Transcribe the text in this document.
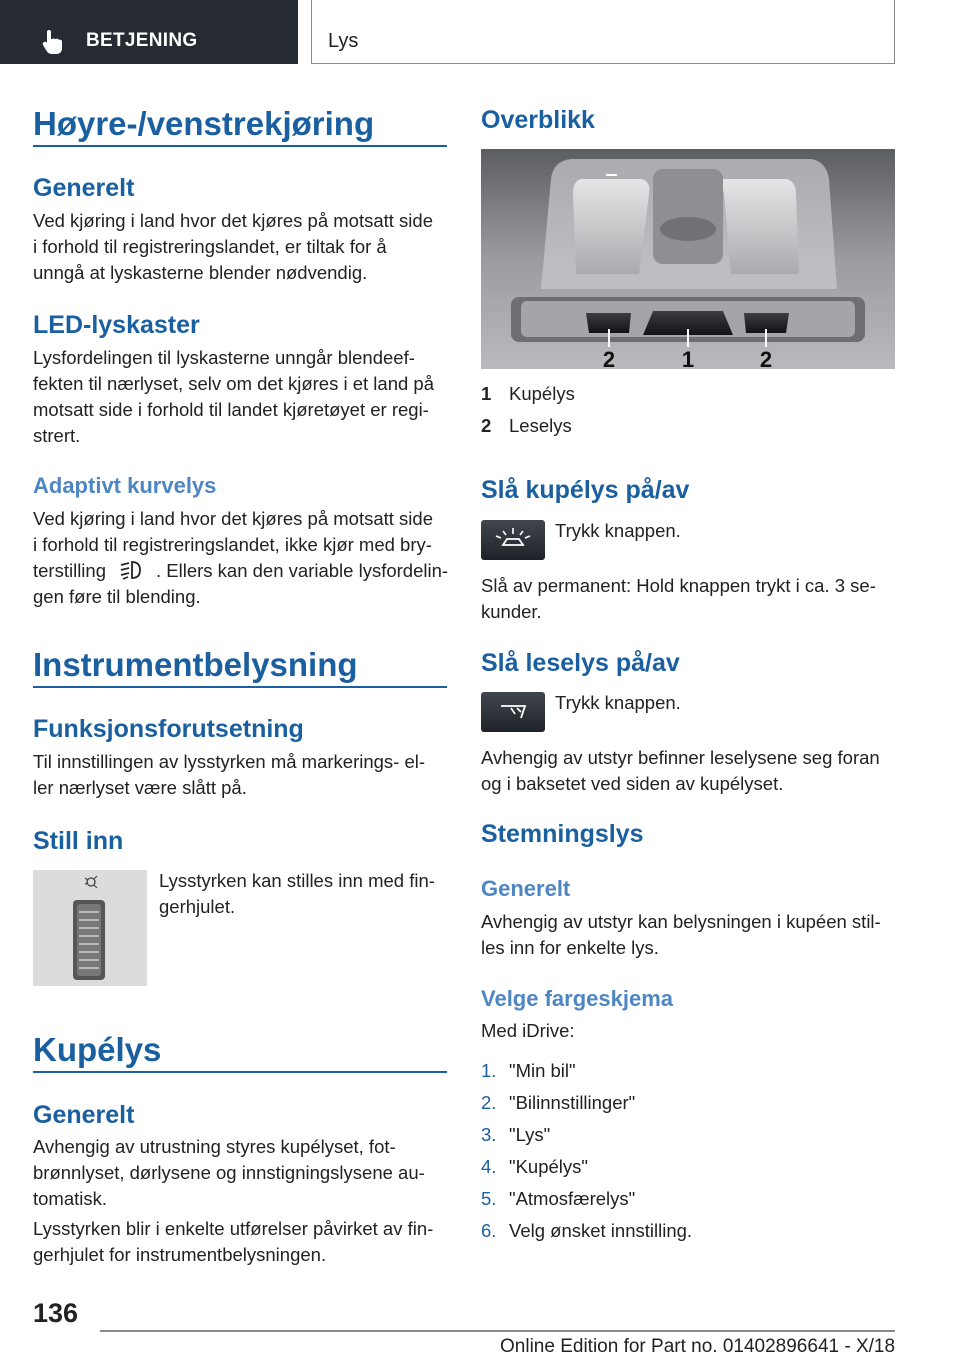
BETJENING	Lys
Høyre-/venstrekjøring
Generelt
Ved kjøring i land hvor det kjøres på motsatt side
i forhold til registreringslandet, er tiltak for å
unngå at lyskasterne blender nødvendig.
LED-lyskaster
Lysfordelingen til lyskasterne unngår blendeef-
fekten til nærlyset, selv om det kjøres i et land på
motsatt side i forhold til landet kjøretøyet er regi-
strert.
Adaptivt kurvelys
Ved kjøring i land hvor det kjøres på motsatt side
i forhold til registreringslandet, ikke kjør med bry-
terstilling	. Ellers kan den variable lysfordelin-
gen føre til blending.
Instrumentbelysning
Funksjonsforutsetning
Til innstillingen av lysstyrken må markerings- el-
ler nærlyset være slått på.
Still inn
Lysstyrken kan stilles inn med fin-
gerhjulet.
Kupélys
Generelt
Avhengig av utrustning styres kupélyset, fot-
brønnlyset, dørlysene og innstigningslysene au-
tomatisk.
Lysstyrken blir i enkelte utførelser påvirket av fin-
gerhjulet for instrumentbelysningen.
Overblikk
2	1	2
1 Kupélys
2 Leselys
Slå kupélys på/av
Trykk knappen.
Slå av permanent: Hold knappen trykt i ca. 3 se-
kunder.
Slå leselys på/av
Trykk knappen.
Avhengig av utstyr befinner leselysene seg foran
og i baksetet ved siden av kupélyset.
Stemningslys
Generelt
Avhengig av utstyr kan belysningen i kupéen stil-
les inn for enkelte lys.
Velge fargeskjema
Med iDrive:
1. "Min bil"
2. "Bilinnstillinger"
3. "Lys"
4. "Kupélys"
5. "Atmosfærelys"
6. Velg ønsket innstilling.
136
Online Edition for Part no. 01402896641 - X/18
